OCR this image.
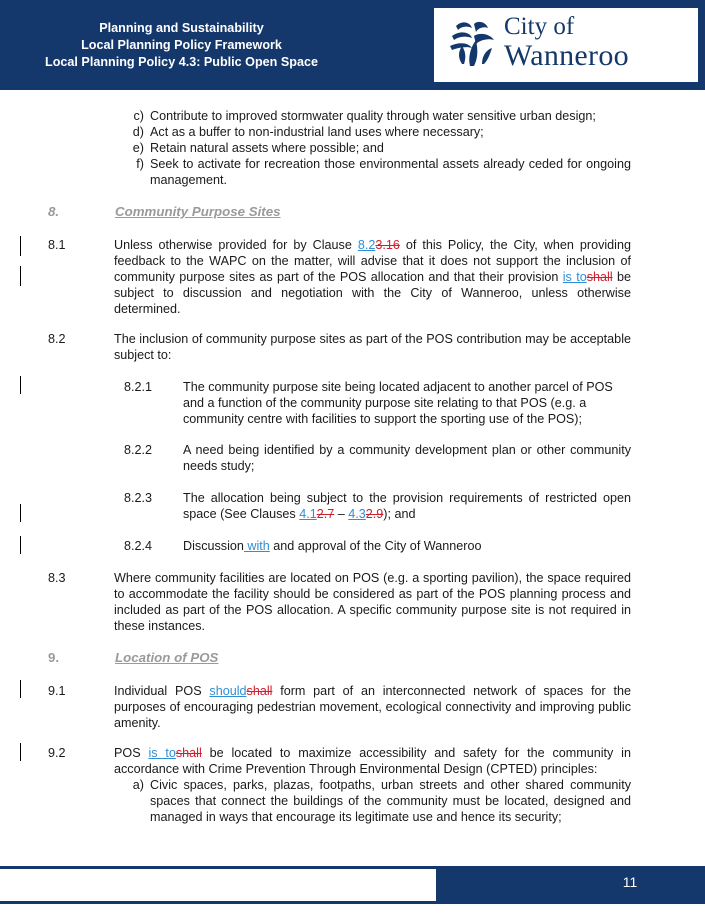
Planning and Sustainability
Local Planning Policy Framework
Local Planning Policy 4.3: Public Open Space
City of
Wanneroo
c) Contribute to improved stormwater quality through water sensitive urban design;
d) Act as a buffer to non-industrial land uses where necessary;
e) Retain natural assets where possible; and
f) Seek to activate for recreation those environmental assets already ceded for ongoing management.
8.	Community Purpose Sites
8.1	Unless otherwise provided for by Clause 8.23.16 of this Policy, the City, when providing feedback to the WAPC on the matter, will advise that it does not support the inclusion of community purpose sites as part of the POS allocation and that their provision is toshall be subject to discussion and negotiation with the City of Wanneroo, unless otherwise determined.
8.2	The inclusion of community purpose sites as part of the POS contribution may be acceptable subject to:
8.2.1 The community purpose site being located adjacent to another parcel of POS and a function of the community purpose site relating to that POS (e.g. a community centre with facilities to support the sporting use of the POS);
8.2.2 A need being identified by a community development plan or other community needs study;
8.2.3 The allocation being subject to the provision requirements of restricted open space (See Clauses 4.12.7 – 4.32.9); and
8.2.4 Discussion with and approval of the City of Wanneroo
8.3	Where community facilities are located on POS (e.g. a sporting pavilion), the space required to accommodate the facility should be considered as part of the POS planning process and included as part of the POS allocation. A specific community purpose site is not required in these instances.
9.	Location of POS
9.1	Individual POS shouldshall form part of an interconnected network of spaces for the purposes of encouraging pedestrian movement, ecological connectivity and improving public amenity.
9.2	POS is toshall be located to maximize accessibility and safety for the community in accordance with Crime Prevention Through Environmental Design (CPTED) principles:
a) Civic spaces, parks, plazas, footpaths, urban streets and other shared community spaces that connect the buildings of the community must be located, designed and managed in ways that encourage its legitimate use and hence its security;
11
